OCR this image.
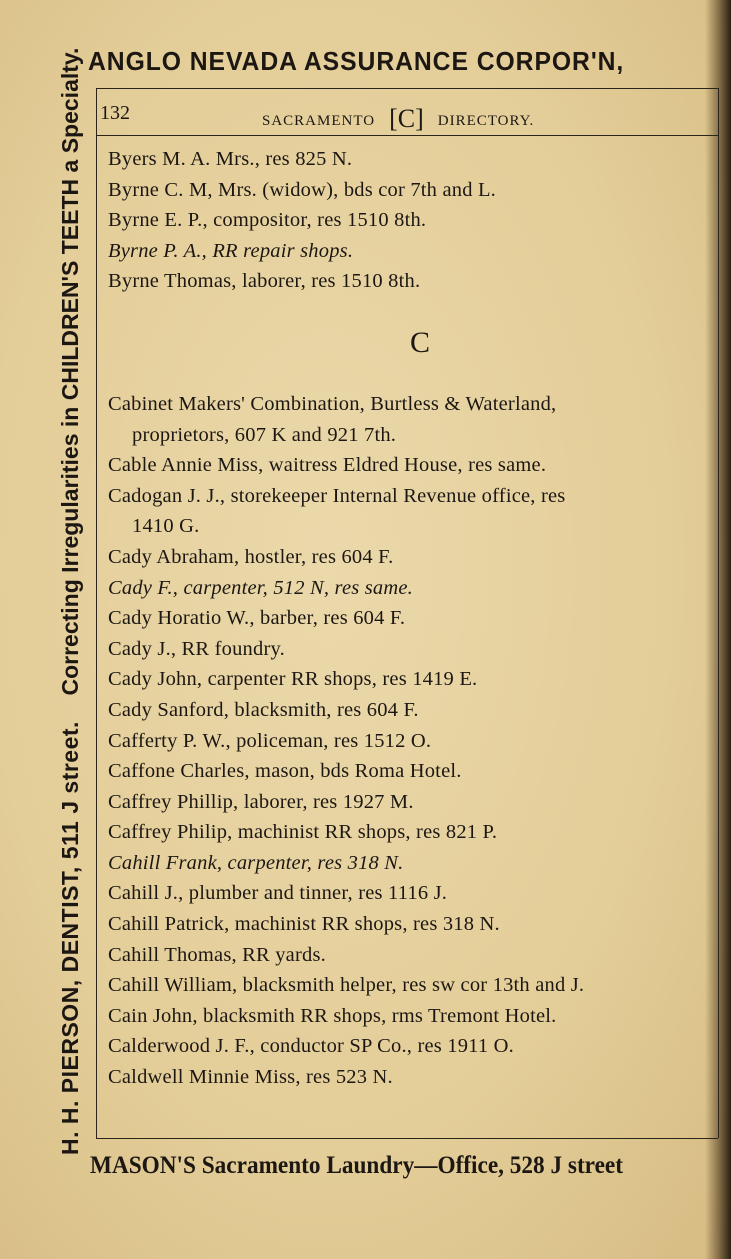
ANGLO NEVADA ASSURANCE CORPOR'N,
H. H. PIERSON, DENTIST, 511 J street.    Correcting Irregularities in CHILDREN'S TEETH a Specialty. 132	SACRAMENTO [C] DIRECTORY.
Byers M. A. Mrs., res 825 N.
Byrne C. M, Mrs. (widow), bds cor 7th and L.
Byrne E. P., compositor, res 1510 8th.
Byrne P. A., RR repair shops.
Byrne Thomas, laborer, res 1510 8th.
C
Cabinet Makers' Combination, Burtless & Waterland,
proprietors, 607 K and 921 7th.
Cable Annie Miss, waitress Eldred House, res same.
Cadogan J. J., storekeeper Internal Revenue office, res
1410 G.
Cady Abraham, hostler, res 604 F.
Cady F., carpenter, 512 N, res same.
Cady Horatio W., barber, res 604 F.
Cady J., RR foundry.
Cady John, carpenter RR shops, res 1419 E.
Cady Sanford, blacksmith, res 604 F.
Cafferty P. W., policeman, res 1512 O.
Caffone Charles, mason, bds Roma Hotel.
Caffrey Phillip, laborer, res 1927 M.
Caffrey Philip, machinist RR shops, res 821 P.
Cahill Frank, carpenter, res 318 N.
Cahill J., plumber and tinner, res 1116 J.
Cahill Patrick, machinist RR shops, res 318 N.
Cahill Thomas, RR yards.
Cahill William, blacksmith helper, res sw cor 13th and J.
Cain John, blacksmith RR shops, rms Tremont Hotel.
Calderwood J. F., conductor SP Co., res 1911 O.
Caldwell Minnie Miss, res 523 N.
MASON'S Sacramento Laundry—Office, 528 J street
